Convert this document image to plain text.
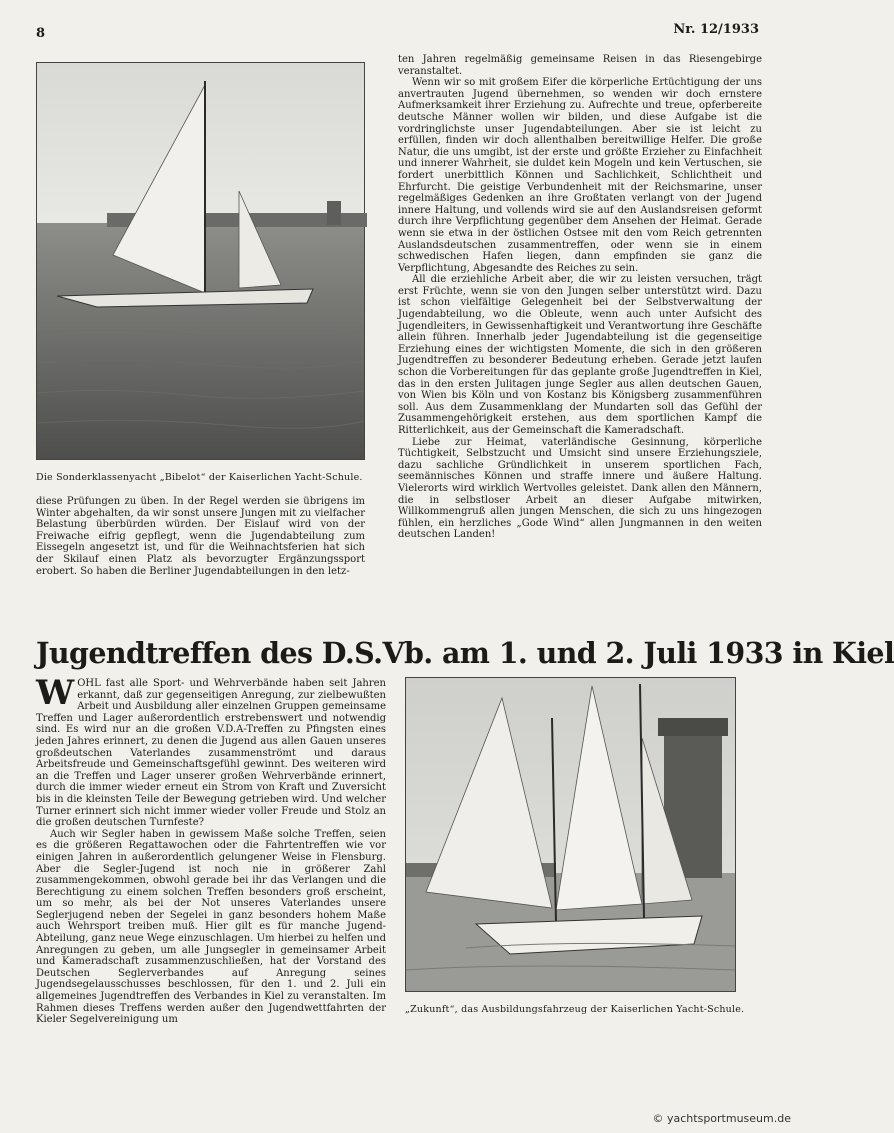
8	Nr. 12/1933
Die Sonderklassenyacht „Bibelot“ der Kaiserlichen Yacht-Schule.

diese Prüfungen zu üben. In der Regel werden sie übrigens im Winter abgehalten, da wir sonst unsere Jungen mit zu vielfacher Belastung überbürden würden. Der Eislauf wird von der Freiwache eifrig gepflegt, wenn die Jugendabteilung zum Eissegeln angesetzt ist, und für die Weihnachtsferien hat sich der Skilauf einen Platz als bevorzugter Ergänzungssport erobert. So haben die Berliner Jugendabteilungen in den letz-

ten Jahren regelmäßig gemeinsame Reisen in das Riesengebirge veranstaltet.

Wenn wir so mit großem Eifer die körperliche Ertüchtigung der uns anvertrauten Jugend übernehmen, so wenden wir doch ernstere Aufmerksamkeit ihrer Erziehung zu. Aufrechte und treue, opferbereite deutsche Männer wollen wir bilden, und diese Aufgabe ist die vordringlichste unser Jugendabteilungen. Aber sie ist leicht zu erfüllen, finden wir doch allenthalben bereitwillige Helfer. Die große Natur, die uns umgibt, ist der erste und größte Erzieher zu Einfachheit und innerer Wahrheit, sie duldet kein Mogeln und kein Vertuschen, sie fordert unerbittlich Können und Sachlichkeit, Schlichtheit und Ehrfurcht. Die geistige Verbundenheit mit der Reichsmarine, unser regelmäßiges Gedenken an ihre Großtaten verlangt von der Jugend innere Haltung, und vollends wird sie auf den Auslandsreisen geformt durch ihre Verpflichtung gegenüber dem Ansehen der Heimat. Gerade wenn sie etwa in der östlichen Ostsee mit den vom Reich getrennten Auslandsdeutschen zusammentreffen, oder wenn sie in einem schwedischen Hafen liegen, dann empfinden sie ganz die Verpflichtung, Abgesandte des Reiches zu sein.

All die erziehliche Arbeit aber, die wir zu leisten versuchen, trägt erst Früchte, wenn sie von den Jungen selber unterstützt wird. Dazu ist schon vielfältige Gelegenheit bei der Selbstverwaltung der Jugendabteilung, wo die Obleute, wenn auch unter Aufsicht des Jugendleiters, in Gewissenhaftigkeit und Verantwortung ihre Geschäfte allein führen. Innerhalb jeder Jugendabteilung ist die gegenseitige Erziehung eines der wichtigsten Momente, die sich in den größeren Jugendtreffen zu besonderer Bedeutung erheben. Gerade jetzt laufen schon die Vorbereitungen für das geplante große Jugendtreffen in Kiel, das in den ersten Julitagen junge Segler aus allen deutschen Gauen, von Wien bis Köln und von Kostanz bis Königsberg zusammenführen soll. Aus dem Zusammenklang der Mundarten soll das Gefühl der Zusammengehörigkeit erstehen, aus dem sportlichen Kampf die Ritterlichkeit, aus der Gemeinschaft die Kameradschaft.

Liebe zur Heimat, vaterländische Gesinnung, körperliche Tüchtigkeit, Selbstzucht und Umsicht sind unsere Erziehungsziele, dazu sachliche Gründlichkeit in unserem sportlichen Fach, seemännisches Können und straffe innere und äußere Haltung. Vielerorts wird wirklich Wertvolles geleistet. Dank allen den Männern, die in selbstloser Arbeit an dieser Aufgabe mitwirken, Willkommengruß allen jungen Menschen, die sich zu uns hingezogen fühlen, ein herzliches „Gode Wind“ allen Jungmannen in den weiten deutschen Landen!

Jugendtreffen des D.S.Vb. am 1. und 2. Juli 1933 in Kiel

WOHL fast alle Sport- und Wehrverbände haben seit Jahren erkannt, daß zur gegenseitigen Anregung, zur zielbewußten Arbeit und Ausbildung aller einzelnen Gruppen gemeinsame Treffen und Lager außerordentlich erstrebenswert und notwendig sind. Es wird nur an die großen V.D.A-Treffen zu Pfingsten eines jeden Jahres erinnert, zu denen die Jugend aus allen Gauen unseres großdeutschen Vaterlandes zusammenströmt und daraus Arbeitsfreude und Gemeinschaftsgefühl gewinnt. Des weiteren wird an die Treffen und Lager unserer großen Wehrverbände erinnert, durch die immer wieder erneut ein Strom von Kraft und Zuversicht bis in die kleinsten Teile der Bewegung getrieben wird. Und welcher Turner erinnert sich nicht immer wieder voller Freude und Stolz an die großen deutschen Turnfeste?

Auch wir Segler haben in gewissem Maße solche Treffen, seien es die größeren Regattawochen oder die Fahrtentreffen wie vor einigen Jahren in außerordentlich gelungener Weise in Flensburg. Aber die Segler-Jugend ist noch nie in größerer Zahl zusammengekommen, obwohl gerade bei ihr das Verlangen und die Berechtigung zu einem solchen Treffen besonders groß erscheint, um so mehr, als bei der Not unseres Vaterlandes unsere Seglerjugend neben der Segelei in ganz besonders hohem Maße auch Wehrsport treiben muß. Hier gilt es für manche Jugend-Abteilung, ganz neue Wege einzuschlagen. Um hierbei zu helfen und Anregungen zu geben, um alle Jungsegler in gemeinsamer Arbeit und Kameradschaft zusammenzuschließen, hat der Vorstand des Deutschen Seglerverbandes auf Anregung seines Jugendsegelausschusses beschlossen, für den 1. und 2. Juli ein allgemeines Jugendtreffen des Verbandes in Kiel zu veranstalten. Im Rahmen dieses Treffens werden außer den Jugendwettfahrten der Kieler Segelvereinigung um

„Zukunft“, das Ausbildungsfahrzeug der Kaiserlichen Yacht-Schule.
© yachtsportmuseum.de
